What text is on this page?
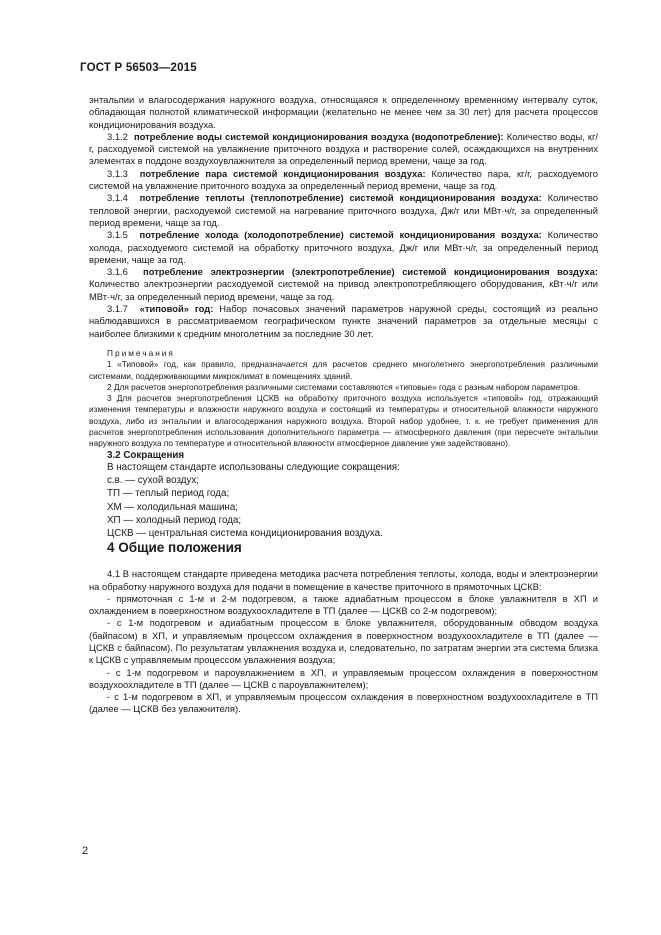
ГОСТ Р 56503—2015

энтальпии и влагосодержания наружного воздуха, относящаяся к определенному временному интервалу суток, обладающая полнотой климатической информации (желательно не менее чем за 30 лет) для расчета процессов кондиционирования воздуха.

3.1.2 потребление воды системой кондиционирования воздуха (водопотребление): Количество воды, кг/г, расходуемой системой на увлажнение приточного воздуха и растворение солей, осаждающихся на внутренних элементах в поддоне воздухоувлажнителя за определенный период времени, чаще за год.

3.1.3 потребление пара системой кондиционирования воздуха: Количество пара, кг/г, расходуемого системой на увлажнение приточного воздуха за определенный период времени, чаще за год.

3.1.4 потребление теплоты (теплопотребление) системой кондиционирования воздуха: Количество тепловой энергии, расходуемой системой на нагревание приточного воздуха, Дж/г или МВт·ч/г, за определенный период времени, чаще за год.

3.1.5 потребление холода (холодопотребление) системой кондиционирования воздуха: Количество холода, расходуемого системой на обработку приточного воздуха, Дж/г или МВт·ч/г, за определенный период времени, чаще за год.

3.1.6 потребление электроэнергии (электропотребление) системой кондиционирования воздуха: Количество электроэнергии расходуемой системой на привод электропотребляющего оборудования, кВт·ч/г или МВт·ч/г, за определенный период времени, чаще за год.

3.1.7 «типовой» год: Набор почасовых значений параметров наружной среды, состоящий из реально наблюдавшихся в рассматриваемом географическом пункте значений параметров за отдельные месяцы с наиболее близкими к средним многолетним за последние 30 лет.

Примечания

1 «Типовой» год, как правило, предназначается для расчетов среднего многолетнего энергопотребления различными системами, поддерживающими микроклимат в помещениях зданий.

2 Для расчетов энергопотребления различными системами составляются «типовые» года с разным набором параметров.

3 Для расчетов энергопотребления ЦСКВ на обработку приточного воздуха используется «типовой» год, отражающий изменения температуры и влажности наружного воздуха и состоящий из температуры и относительной влажности наружного воздуха, либо из энтальпии и влагосодержания наружного воздуха. Второй набор удобнее, т. к. не требует применения для расчетов энергопотребления использования дополнительного параметра — атмосферного давления (при пересчете энтальпии наружного воздуха по температуре и относительной влажности атмосферное давление уже задействовано).

3.2 Сокращения

В настоящем стандарте использованы следующие сокращения:

с.в. — сухой воздух;

ТП — теплый период года;

ХМ — холодильная машина;

ХП — холодный период года;

ЦСКВ — центральная система кондиционирования воздуха.

4 Общие положения

4.1 В настоящем стандарте приведена методика расчета потребления теплоты, холода, воды и электроэнергии на обработку наружного воздуха для подачи в помещение в качестве приточного в прямоточных ЦСКВ:

- прямоточная с 1-м и 2-м подогревом, а также адиабатным процессом в блоке увлажнителя в ХП и охлаждением в поверхностном воздухоохладителе в ТП (далее — ЦСКВ со 2-м подогревом);

- с 1-м подогревом и адиабатным процессом в блоке увлажнителя, оборудованным обводом воздуха (байпасом) в ХП, и управляемым процессом охлаждения в поверхностном воздухоохладителе в ТП (далее — ЦСКВ с байпасом). По результатам увлажнения воздуха и, следовательно, по затратам энергии эта система близка к ЦСКВ с управляемым процессом увлажнения воздуха;

- с 1-м подогревом и пароувлажнением в ХП, и управляемым процессом охлаждения в поверхностном воздухоохладителе в ТП (далее — ЦСКВ с пароувлажнителем);

- с 1-м подогревом в ХП, и управляемым процессом охлаждения в поверхностном воздухоохладителе в ТП (далее — ЦСКВ без увлажнителя).

2
